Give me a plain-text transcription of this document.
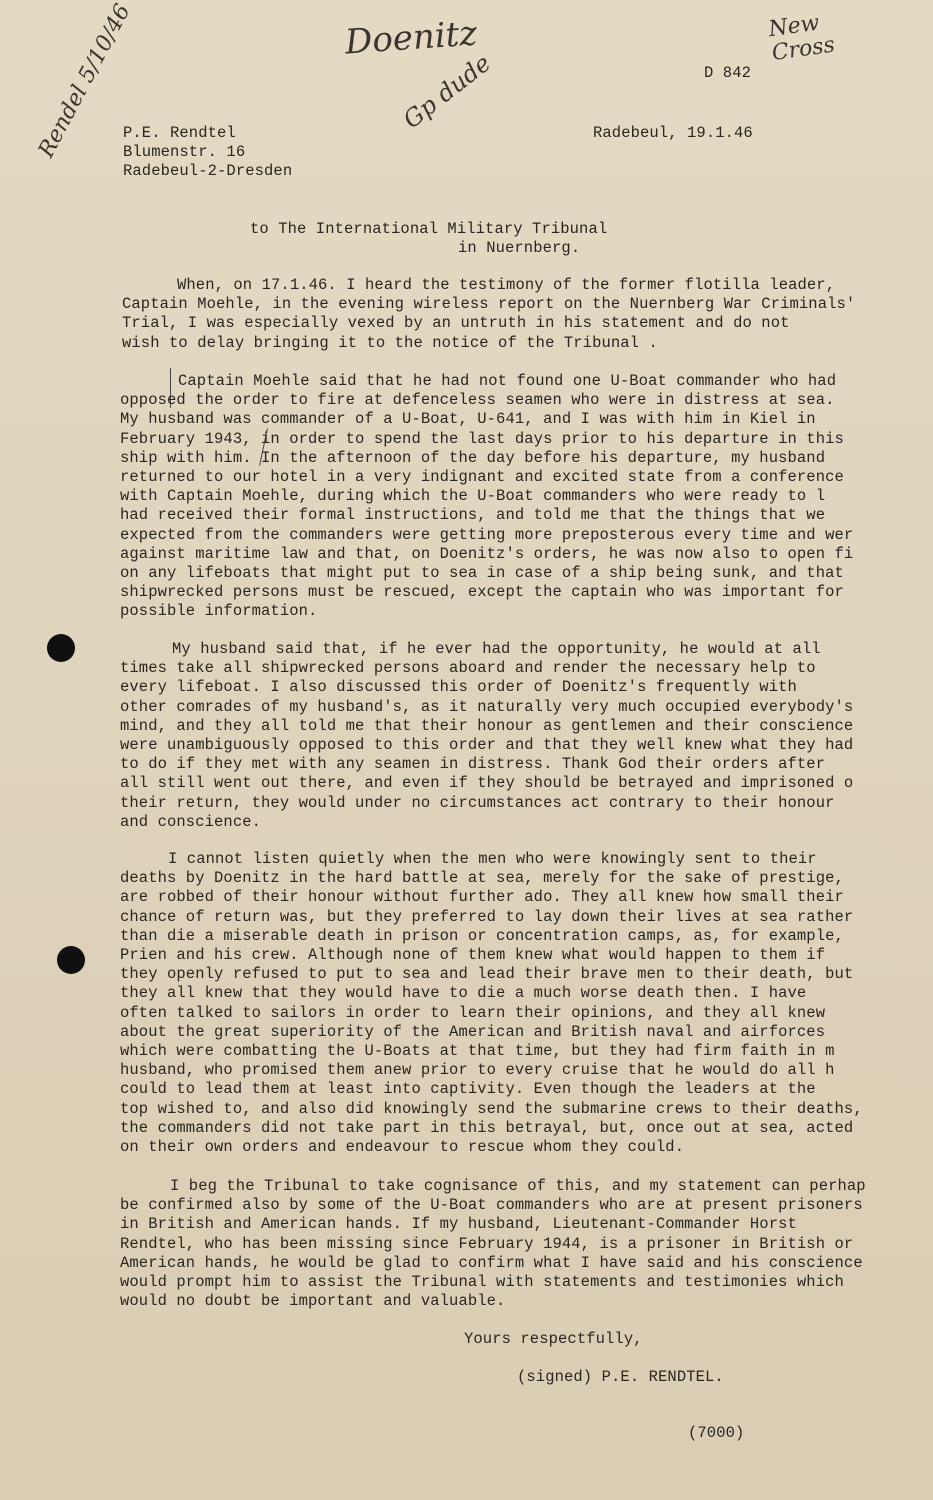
Rendel 5/10/46	Doenitz
Gp dude
New Cross
D 842
P.E. Rendtel
Blumenstr. 16
Radebeul-2-Dresden
Radebeul, 19.1.46
to The International Military Tribunal
in Nuernberg.

When, on 17.1.46. I heard the testimony of the former flotilla leader,

Captain Moehle, in the evening wireless report on the Nuernberg War Criminals'

Trial, I was especially vexed by an untruth in his statement and do not

wish to delay bringing it to the notice of the Tribunal .

Captain Moehle said that he had not found one U-Boat commander who had

opposed the order to fire at defenceless seamen who were in distress at sea.

My husband was commander of a U-Boat, U-641, and I was with him in Kiel in

February 1943, in order to spend the last days prior to his departure in this

ship with him. In the afternoon of the day before his departure, my husband

returned to our hotel in a very indignant and excited state from a conference

with Captain Moehle, during which the U-Boat commanders who were ready to l

had received their formal instructions, and told me that the things that we

expected from the commanders were getting more preposterous every time and wer

against maritime law and that, on Doenitz's orders, he was now also to open fi

on any lifeboats that might put to sea in case of a ship being sunk, and that

shipwrecked persons must be rescued, except the captain who was important for

possible information.

My husband said that, if he ever had the opportunity, he would at all

times take all shipwrecked persons aboard and render the necessary help to

every lifeboat. I also discussed this order of Doenitz's frequently with

other comrades of my husband's, as it naturally very much occupied everybody's

mind, and they all told me that their honour as gentlemen and their conscience

were unambiguously opposed to this order and that they well knew what they had

to do if they met with any seamen in distress. Thank God their orders after

all still went out there, and even if they should be betrayed and imprisoned o

their return, they would under no circumstances act contrary to their honour

and conscience.

I cannot listen quietly when the men who were knowingly sent to their

deaths by Doenitz in the hard battle at sea, merely for the sake of prestige,

are robbed of their honour without further ado. They all knew how small their

chance of return was, but they preferred to lay down their lives at sea rather

than die a miserable death in prison or concentration camps, as, for example,

Prien and his crew. Although none of them knew what would happen to them if

they openly refused to put to sea and lead their brave men to their death, but

they all knew that they would have to die a much worse death then. I have

often talked to sailors in order to learn their opinions, and they all knew

about the great superiority of the American and British naval and airforces

which were combatting the U-Boats at that time, but they had firm faith in m

husband, who promised them anew prior to every cruise that he would do all h

could to lead them at least into captivity. Even though the leaders at the

top wished to, and also did knowingly send the submarine crews to their deaths,

the commanders did not take part in this betrayal, but, once out at sea, acted

on their own orders and endeavour to rescue whom they could.

I beg the Tribunal to take cognisance of this, and my statement can perhap

be confirmed also by some of the U-Boat commanders who are at present prisoners

in British and American hands. If my husband, Lieutenant-Commander Horst

Rendtel, who has been missing since February 1944, is a prisoner in British or

American hands, he would be glad to confirm what I have said and his conscience

would prompt him to assist the Tribunal with statements and testimonies which

would no doubt be important and valuable.

Yours respectfully,
(signed) P.E. RENDTEL.
(7000)
